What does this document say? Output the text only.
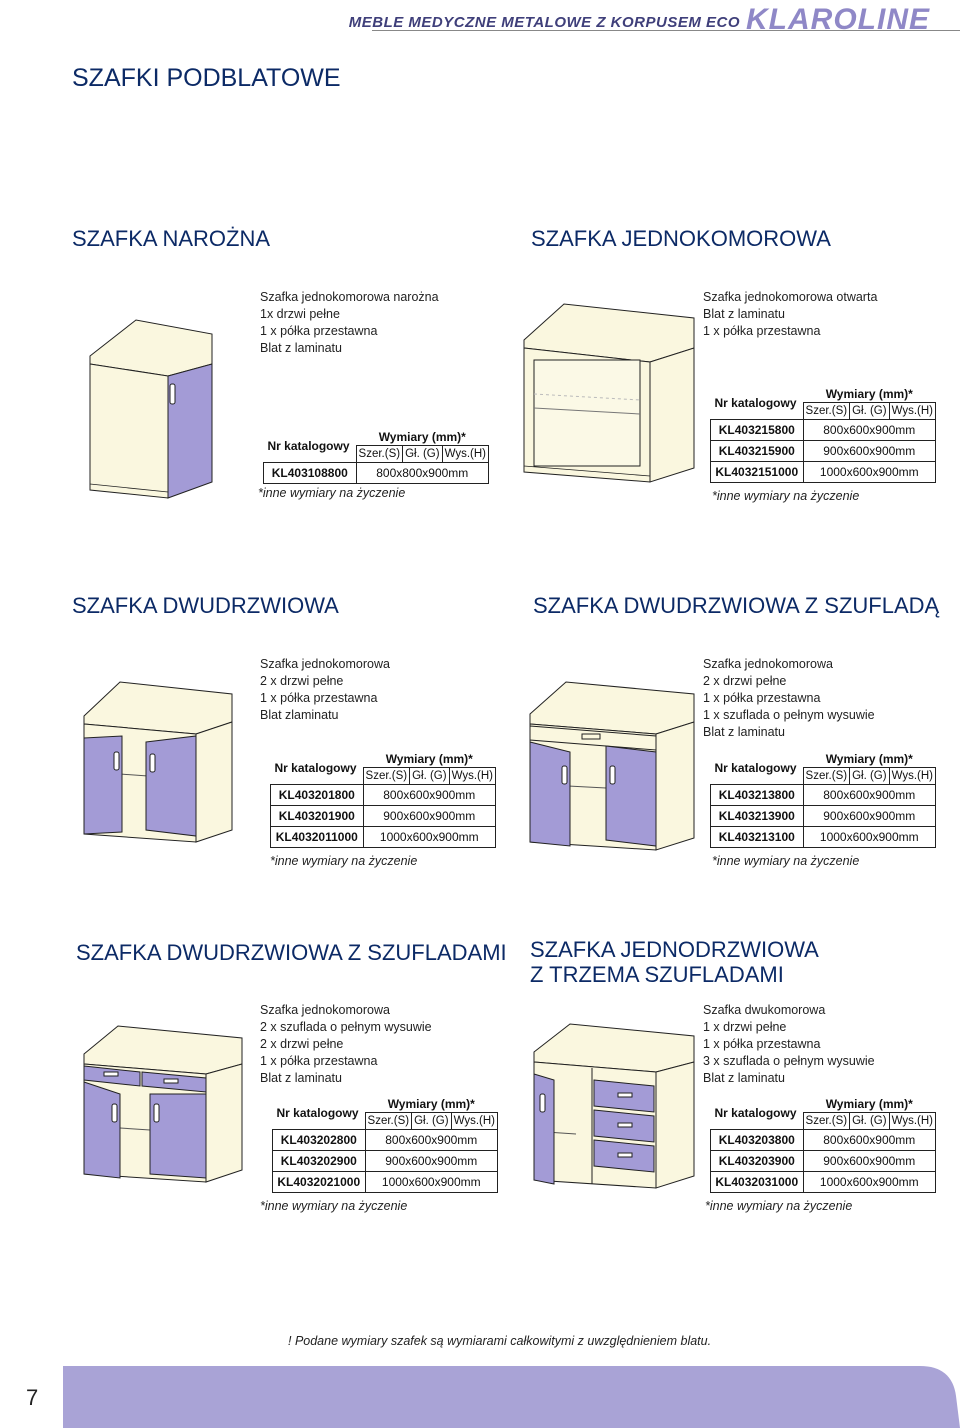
MEBLE MEDYCZNE METALOWE Z KORPUSEM ECO KLAROLINE
SZAFKI PODBLATOWE
SZAFKA NAROŻNA
Szafka jednokomorowa narożna
1x drzwi pełne
1 x półka przestawna
Blat z laminatu
Nr katalogowy	Wymiary (mm)*		
	Szer.(S)	Gł. (G)	Wys.(H)
KL403108800	800x800x900mm		
*inne wymiary na życzenie
SZAFKA JEDNOKOMOROWA
Szafka jednokomorowa otwarta
Blat z laminatu
1 x półka przestawna
Nr katalogowy	Wymiary (mm)*		
	Szer.(S)	Gł. (G)	Wys.(H)
KL403215800	800x600x900mm		
KL403215900	900x600x900mm		
KL4032151000	1000x600x900mm		
*inne wymiary na życzenie
SZAFKA DWUDRZWIOWA
Szafka jednokomorowa
2 x drzwi pełne
1 x półka przestawna
Blat zlaminatu
Nr katalogowy	Wymiary (mm)*		
	Szer.(S)	Gł. (G)	Wys.(H)
KL403201800	800x600x900mm		
KL403201900	900x600x900mm		
KL4032011000	1000x600x900mm		
*inne wymiary na życzenie
SZAFKA DWUDRZWIOWA Z SZUFLADĄ
Szafka jednokomorowa
2 x drzwi pełne
1 x półka przestawna
1 x szuflada o pełnym wysuwie
Blat z laminatu
Nr katalogowy	Wymiary (mm)*		
	Szer.(S)	Gł. (G)	Wys.(H)
KL403213800	800x600x900mm		
KL403213900	900x600x900mm		
KL403213100	1000x600x900mm		
*inne wymiary na życzenie
SZAFKA DWUDRZWIOWA Z SZUFLADAMI
Szafka jednokomorowa
2 x szuflada o pełnym wysuwie
2 x drzwi pełne
1 x półka przestawna
Blat z laminatu
Nr katalogowy	Wymiary (mm)*		
	Szer.(S)	Gł. (G)	Wys.(H)
KL403202800	800x600x900mm		
KL403202900	900x600x900mm		
KL4032021000	1000x600x900mm		
*inne wymiary na życzenie
SZAFKA JEDNODRZWIOWA
Z TRZEMA SZUFLADAMI
Szafka dwukomorowa
1 x drzwi pełne
1 x półka przestawna
3 x szuflada o pełnym wysuwie
Blat z laminatu
Nr katalogowy	Wymiary (mm)*		
	Szer.(S)	Gł. (G)	Wys.(H)
KL403203800	800x600x900mm		
KL403203900	900x600x900mm		
KL4032031000	1000x600x900mm		
*inne wymiary na życzenie
! Podane wymiary szafek są wymiarami całkowitymi z uwzględnieniem blatu.
7
